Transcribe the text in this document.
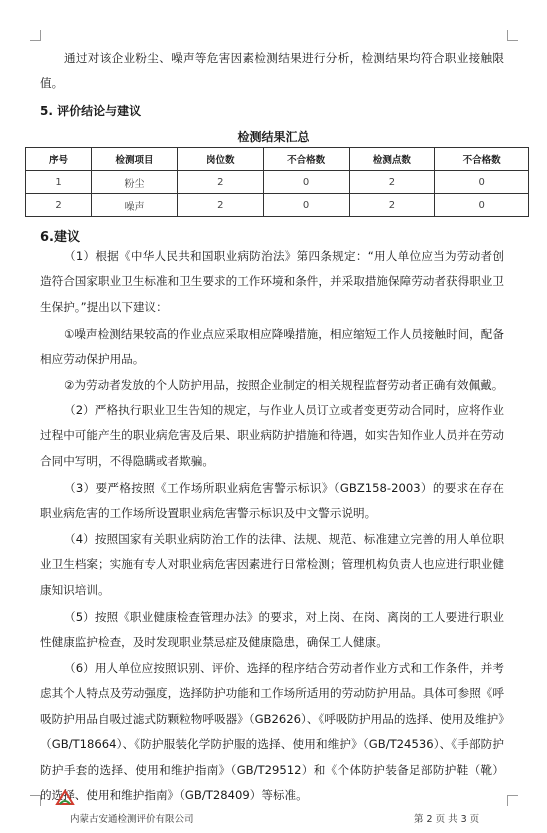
通过对该企业粉尘、噪声等危害因素检测结果进行分析，检测结果均符合职业接触限值。

5. 评价结论与建议

检测结果汇总
序号	检测项目	岗位数	不合格数	检测点数	不合格数
1	粉尘	2	0	2	0
2	噪声	2	0	2	0

6.建议

（1）根据《中华人民共和国职业病防治法》第四条规定：“用人单位应当为劳动者创造符合国家职业卫生标准和卫生要求的工作环境和条件，并采取措施保障劳动者获得职业卫生保护。”提出以下建议：

①噪声检测结果较高的作业点应采取相应降噪措施，相应缩短工作人员接触时间，配备相应劳动保护用品。

②为劳动者发放的个人防护用品，按照企业制定的相关规程监督劳动者正确有效佩戴。

（2）严格执行职业卫生告知的规定，与作业人员订立或者变更劳动合同时，应将作业过程中可能产生的职业病危害及后果、职业病防护措施和待遇，如实告知作业人员并在劳动合同中写明，不得隐瞒或者欺骗。

（3）要严格按照《工作场所职业病危害警示标识》（GBZ158-2003）的要求在存在职业病危害的工作场所设置职业病危害警示标识及中文警示说明。

（4）按照国家有关职业病防治工作的法律、法规、规范、标准建立完善的用人单位职业卫生档案；实施有专人对职业病危害因素进行日常检测；管理机构负责人也应进行职业健康知识培训。

（5）按照《职业健康检查管理办法》的要求，对上岗、在岗、离岗的工人要进行职业性健康监护检查，及时发现职业禁忌症及健康隐患，确保工人健康。

（6）用人单位应按照识别、评价、选择的程序结合劳动者作业方式和工作条件，并考虑其个人特点及劳动强度，选择防护功能和工作场所适用的劳动防护用品。具体可参照《呼吸防护用品自吸过滤式防颗粒物呼吸器》（GB2626）、《呼吸防护用品的选择、使用及维护》（GB/T18664）、《防护服装化学防护服的选择、使用和维护》（GB/T24536）、《手部防护防护手套的选择、使用和维护指南》（GB/T29512）和《个体防护装备足部防护鞋（靴）的选择、使用和维护指南》（GB/T28409）等标准。

内蒙古安通检测评价有限公司	第 2 页 共 3 页
